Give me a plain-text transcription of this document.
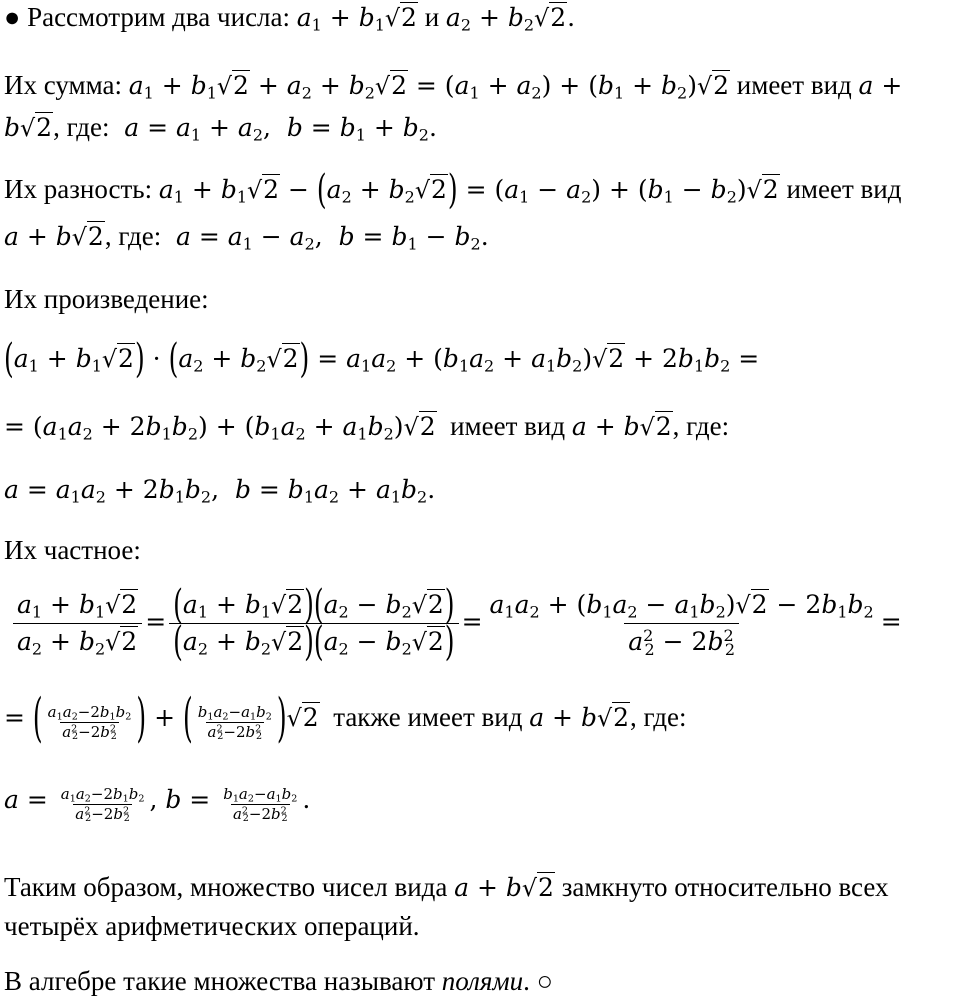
● Рассмотрим два числа: $a_1 + b_1√2$ и $a_2 + b_2√2$.
Их сумма: $a_1 + b_1√2 + a_2 + b_2√2 = (a_1 + a_2) + (b_1 + b_2)√2$ имеет вид a +
b√2, где: $a = a_1 + a_2$,  $b = b_1 + b_2$.
Их разность: $a_1 + b_1√2 - (a_2 + b_2√2) = (a_1 - a_2) + (b_1 - b_2)√2$ имеет вид
a + b√2, где: $a = a_1 - a_2$,  $b = b_1 - b_2$.
Их произведение:
$(a_1 + b_1√2) \cdot (a_2 + b_2√2) = a_1a_2 + (b_1a_2 + a_1b_2)√2 + 2b_1b_2$ =
= $(a_1a_2 + 2b_1b_2) + (b_1a_2 + a_1b_2)√2$ имеет вид a + b√2, где:
$a = a_1a_2 + 2b_1b_2$,  $b = b_1a_2 + a_1b_2$.
Их частное:
$\frac{a_1 + b_1√2}{a_2 + b_2√2} = \frac{(a_1 + b_1√2)(a_2 - b_2√2)}{(a_2 + b_2√2)(a_2 - b_2√2)} = \frac{a_1a_2 + (b_1a_2 - a_1b_2)√2 - 2b_1b_2}{a^2_2 - 2b^2_2}$ =
= ( $\frac{a_1a_2-2b_1b_2}{a^2_2-2b^2_2}$ ) + ( $\frac{b_1a_2-a_1b_2}{a^2_2-2b^2_2} )√2$ также имеет вид a + b√2, где:
$a = \frac{a_1a_2-2b_1b_2}{a^2_2-2b^2_2}$ , $b = \frac{b_1a_2-a_1b_2}{a^2_2-2b^2_2}$ .
Таким образом, множество чисел вида a + b√2 замкнуто относительно всех
четырёх арифметических операций.
В алгебре такие множества называют полями. ○
